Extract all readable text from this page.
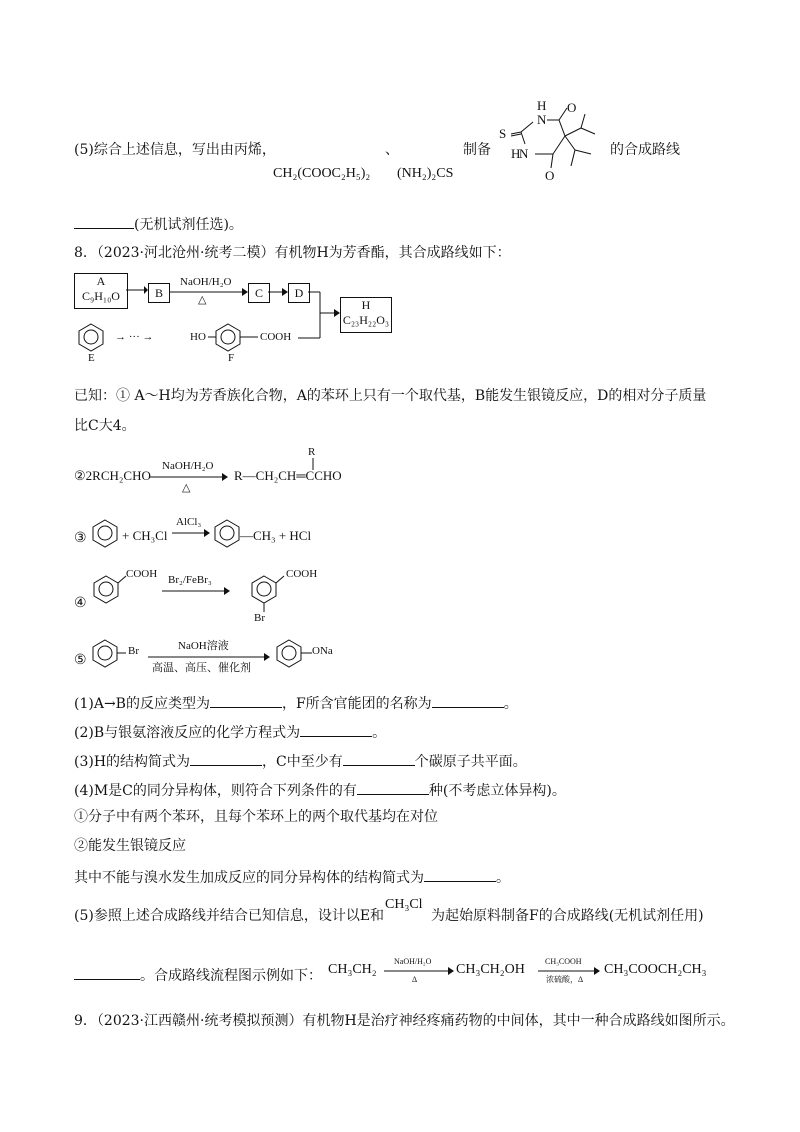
(5)综合上述信息，写出由丙烯，
CH₂(COOC₂H₅)₂
、
(NH₂)₂CS
制备
H
N
S
N
H
O
O
的合成路线
(无机试剂任选)。
8．（2023·河北沧州·统考二模）有机物H为芳香酯，其合成路线如下：
A
C₉H₁₀O	B
NaOH/H₂O
△	C	D
H
C₂₃H₂₂O₃
E
→ ··· →	HO	COOH
F
已知：① A～H均为芳香族化合物，A的苯环上只有一个取代基，B能发生银镜反应，D的相对分子质量
比C大4。
R
②2RCH₂CHO
NaOH/H₂O
△
R—CH₂CH═CCHO
③	+ CH₃Cl
AlCl₃
—CH₃ + HCl
④
COOH Br₂/FeBr₃	COOH
Br
⑤
Br	NaOH溶液
高温、高压、催化剂
ONa
(1)A→B的反应类型为	，F所含官能团的名称为	。
(2)B与银氨溶液反应的化学方程式为	。
(3)H的结构简式为	，C中至少有	个碳原子共平面。
(4)M是C的同分异构体，则符合下列条件的有	种(不考虑立体异构)。
①分子中有两个苯环，且每个苯环上的两个取代基均在对位
②能发生银镜反应
其中不能与溴水发生加成反应的同分异构体的结构简式为	。
(5)参照上述合成路线并结合已知信息，设计以E和
CH₃Cl
为起始原料制备F的合成路线(无机试剂任用)
。合成路线流程图示例如下： CH₃CH₂
NaOH/H₂O
Δ
CH₃CH₂OH
CH₃COOH
浓硫酸，Δ
CH₃COOCH₂CH₃
9．（2023·江西赣州·统考模拟预测）有机物H是治疗神经疼痛药物的中间体，其中一种合成路线如图所示。
